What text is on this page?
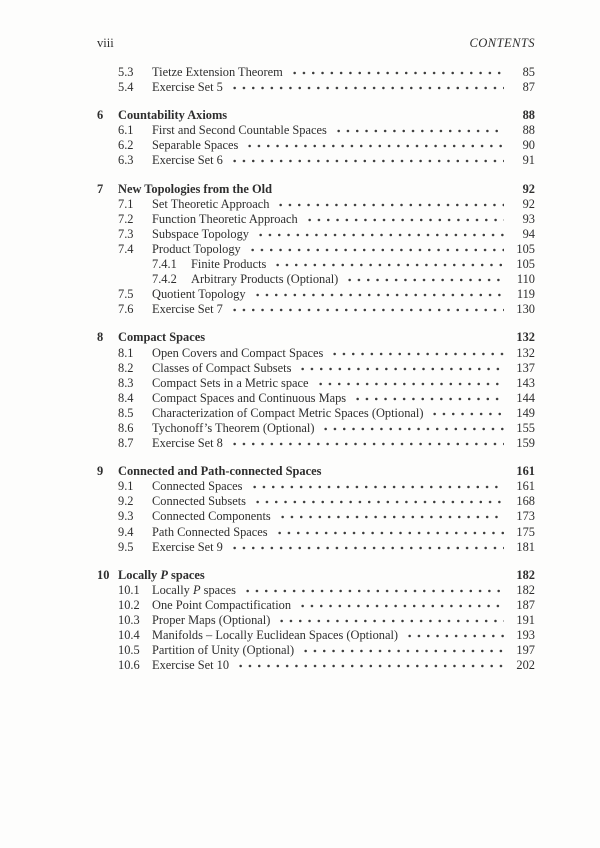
viii	CONTENTS
5.3	Tietze Extension Theorem	85
5.4	Exercise Set 5	87
6	Countability Axioms	88
6.1	First and Second Countable Spaces	88
6.2	Separable Spaces	90
6.3	Exercise Set 6	91
7	New Topologies from the Old	92
7.1	Set Theoretic Approach	92
7.2	Function Theoretic Approach	93
7.3	Subspace Topology	94
7.4	Product Topology	105
7.4.1	Finite Products	105
7.4.2	Arbitrary Products (Optional)	110
7.5	Quotient Topology	119
7.6	Exercise Set 7	130
8	Compact Spaces	132
8.1	Open Covers and Compact Spaces	132
8.2	Classes of Compact Subsets	137
8.3	Compact Sets in a Metric space	143
8.4	Compact Spaces and Continuous Maps	144
8.5	Characterization of Compact Metric Spaces (Optional)	149
8.6	Tychonoff’s Theorem (Optional)	155
8.7	Exercise Set 8	159
9	Connected and Path-connected Spaces	161
9.1	Connected Spaces	161
9.2	Connected Subsets	168
9.3	Connected Components	173
9.4	Path Connected Spaces	175
9.5	Exercise Set 9	181
10 Locally P spaces	182
10.1 Locally P spaces	182
10.2 One Point Compactification	187
10.3 Proper Maps (Optional)	191
10.4 Manifolds – Locally Euclidean Spaces (Optional)	193
10.5 Partition of Unity (Optional)	197
10.6 Exercise Set 10	202
